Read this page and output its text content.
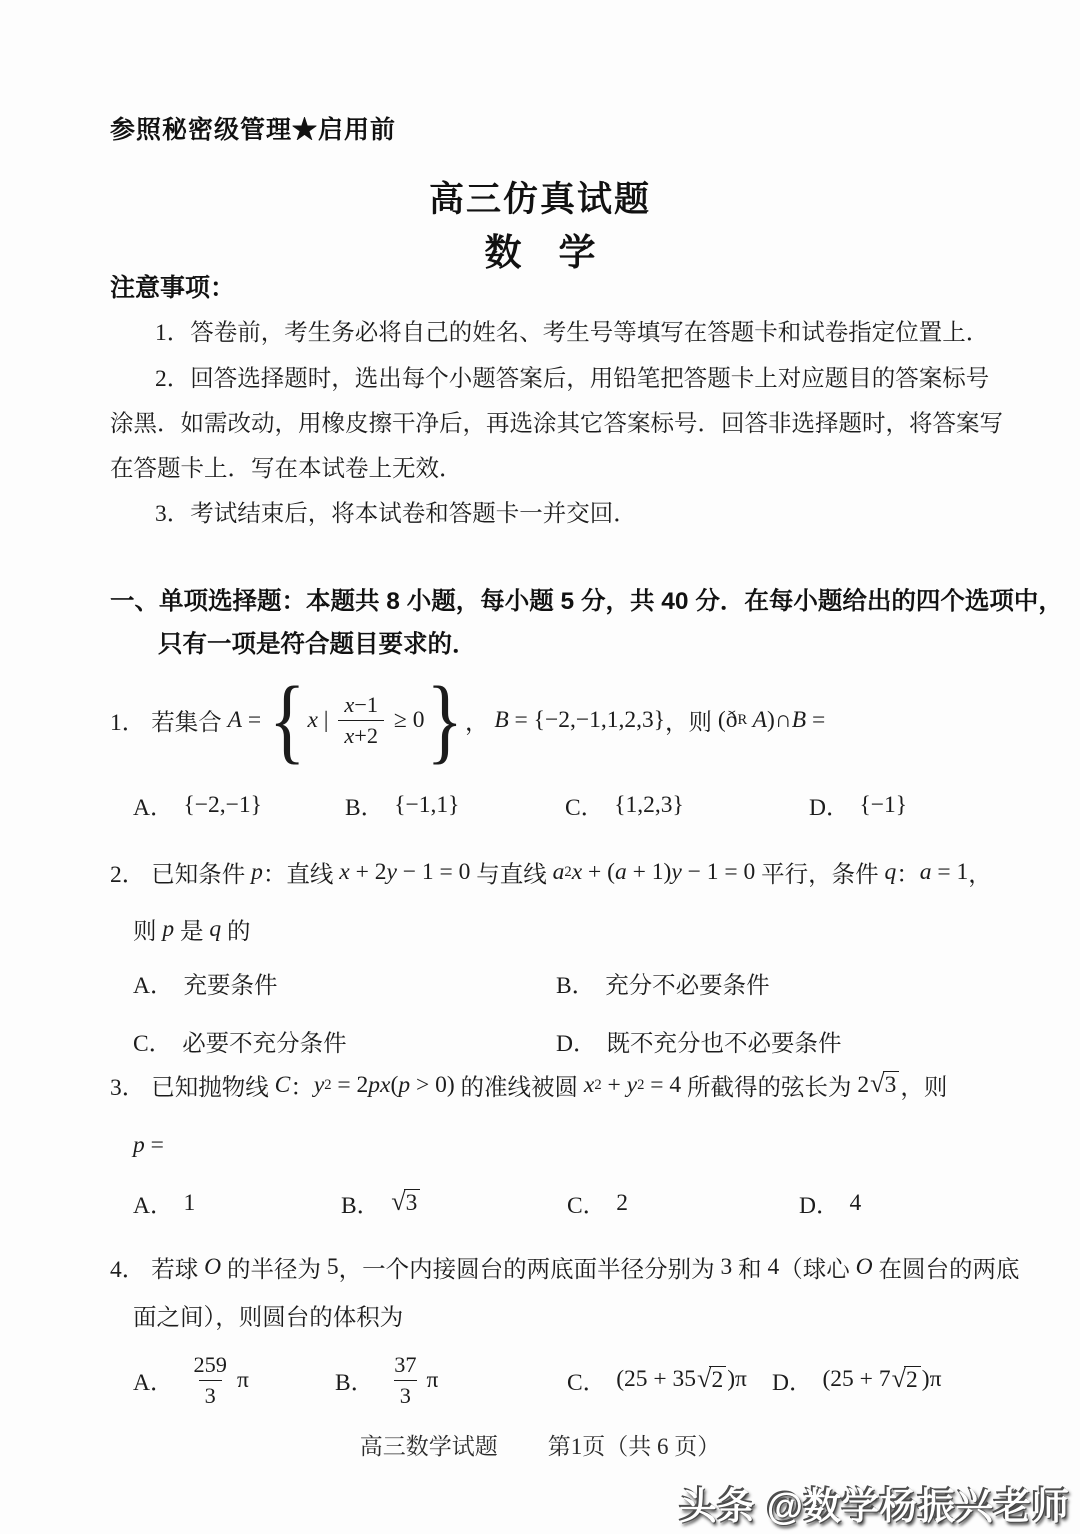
参照秘密级管理★启用前
高三仿真试题
数　学
注意事项：
1．答卷前，考生务必将自己的姓名、考生号等填写在答题卡和试卷指定位置上．
2．回答选择题时，选出每个小题答案后，用铅笔把答题卡上对应题目的答案标号
涂黑．如需改动，用橡皮擦干净后，再选涂其它答案标号．回答非选择题时，将答案写
在答题卡上．写在本试卷上无效．
3．考试结束后，将本试卷和答题卡一并交回．
一、单项选择题：本题共 8 小题，每小题 5 分，共 40 分．在每小题给出的四个选项中，
只有一项是符合题目要求的．
1． 若集合 A = { x | $\frac{x-1}{x+2} \ge 0$ } ， B = {−2,−1,1,2,3} ，则 ( ð R A )∩ B =
A． {−2,−1}	B． {−1,1}	C． {1,2,3}	D． {−1}
2． 已知条件 p ：直线 x + 2 y − 1 = 0 与直线 a 2 x + ( a + 1) y − 1 = 0 平行，条件 q ： a = 1 ，
则 p 是 q 的
A． 充要条件	B． 充分不必要条件
C． 必要不充分条件	D． 既不充分也不必要条件
3． 已知抛物线 C ： y 2 = 2 px ( p > 0) 的准线被圆 x 2 + y 2 = 4 所截得的弦长为 2 √ 3 ，则
p =
A． 1	B． √ 3	C． 2	D． 4
4． 若球 O 的半径为 5 ，一个内接圆台的两底面半径分别为 3 和 4 （球心 O 在圆台的两底
面之间），则圆台的体积为
A． $\frac{259}{3}$ π	B． $\frac{37}{3}$ π	C． (25 + 35 √ 2 )π D． (25 + 7 √ 2 )π
高三数学试题 第1页（共 6 页）
头条 @数学杨振兴老师
